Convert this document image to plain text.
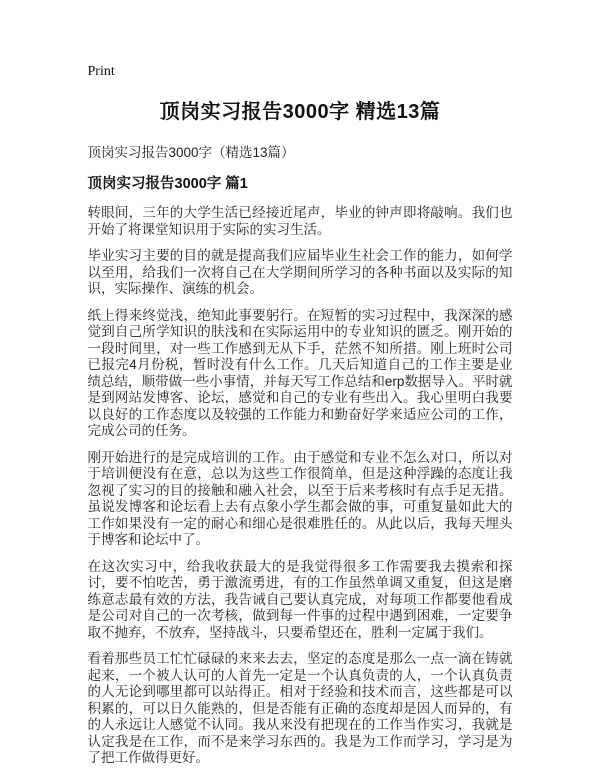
Print
顶岗实习报告3000字 精选13篇
顶岗实习报告3000字（精选13篇）
顶岗实习报告3000字 篇1

转眼间，三年的大学生活已经接近尾声，毕业的钟声即将敲响。我们也开始了将课堂知识用于实际的实习生活。

毕业实习主要的目的就是提高我们应届毕业生社会工作的能力，如何学以至用，给我们一次将自己在大学期间所学习的各种书面以及实际的知识，实际操作、演练的机会。

纸上得来终觉浅，绝知此事要躬行。在短暂的实习过程中，我深深的感觉到自己所学知识的肤浅和在实际运用中的专业知识的匮乏。刚开始的一段时间里，对一些工作感到无从下手，茫然不知所措。刚上班时公司已报完4月份税，暂时没有什么工作。几天后知道自己的工作主要是业绩总结，顺带做一些小事情，并每天写工作总结和erp数据导入。平时就是到网站发博客、论坛，感觉和自己的专业有些出入。我心里明白我要以良好的工作态度以及较强的工作能力和勤奋好学来适应公司的工作，完成公司的任务。

刚开始进行的是完成培训的工作。由于感觉和专业不怎么对口，所以对于培训便没有在意，总以为这些工作很简单，但是这种浮躁的态度让我忽视了实习的目的接触和融入社会，以至于后来考核时有点手足无措。虽说发博客和论坛看上去有点象小学生都会做的事，可重复量如此大的工作如果没有一定的耐心和细心是很难胜任的。从此以后，我每天埋头于博客和论坛中了。

在这次实习中，给我收获最大的是我觉得很多工作需要我去摸索和探讨，要不怕吃苦，勇于激流勇进，有的工作虽然单调又重复，但这是磨练意志最有效的方法，我告诫自己要认真完成，对每项工作都要他看成是公司对自己的一次考核，做到每一件事的过程中遇到困难，一定要争取不抛弃，不放弃，坚持战斗，只要希望还在，胜利一定属于我们。

看着那些员工忙忙碌碌的来来去去，坚定的态度是那么一点一滴在铸就起来，一个被人认可的人首先一定是一个认真负责的人，一个认真负责的人无论到哪里都可以站得正。相对于经验和技术而言，这些都是可以积累的，可以日久能熟的，但是否能有正确的态度却是因人而异的，有的人永远让人感觉不认同。我从来没有把现在的工作当作实习，我就是认定我是在工作，而不是来学习东西的。我是为工作而学习，学习是为了把工作做得更好。
